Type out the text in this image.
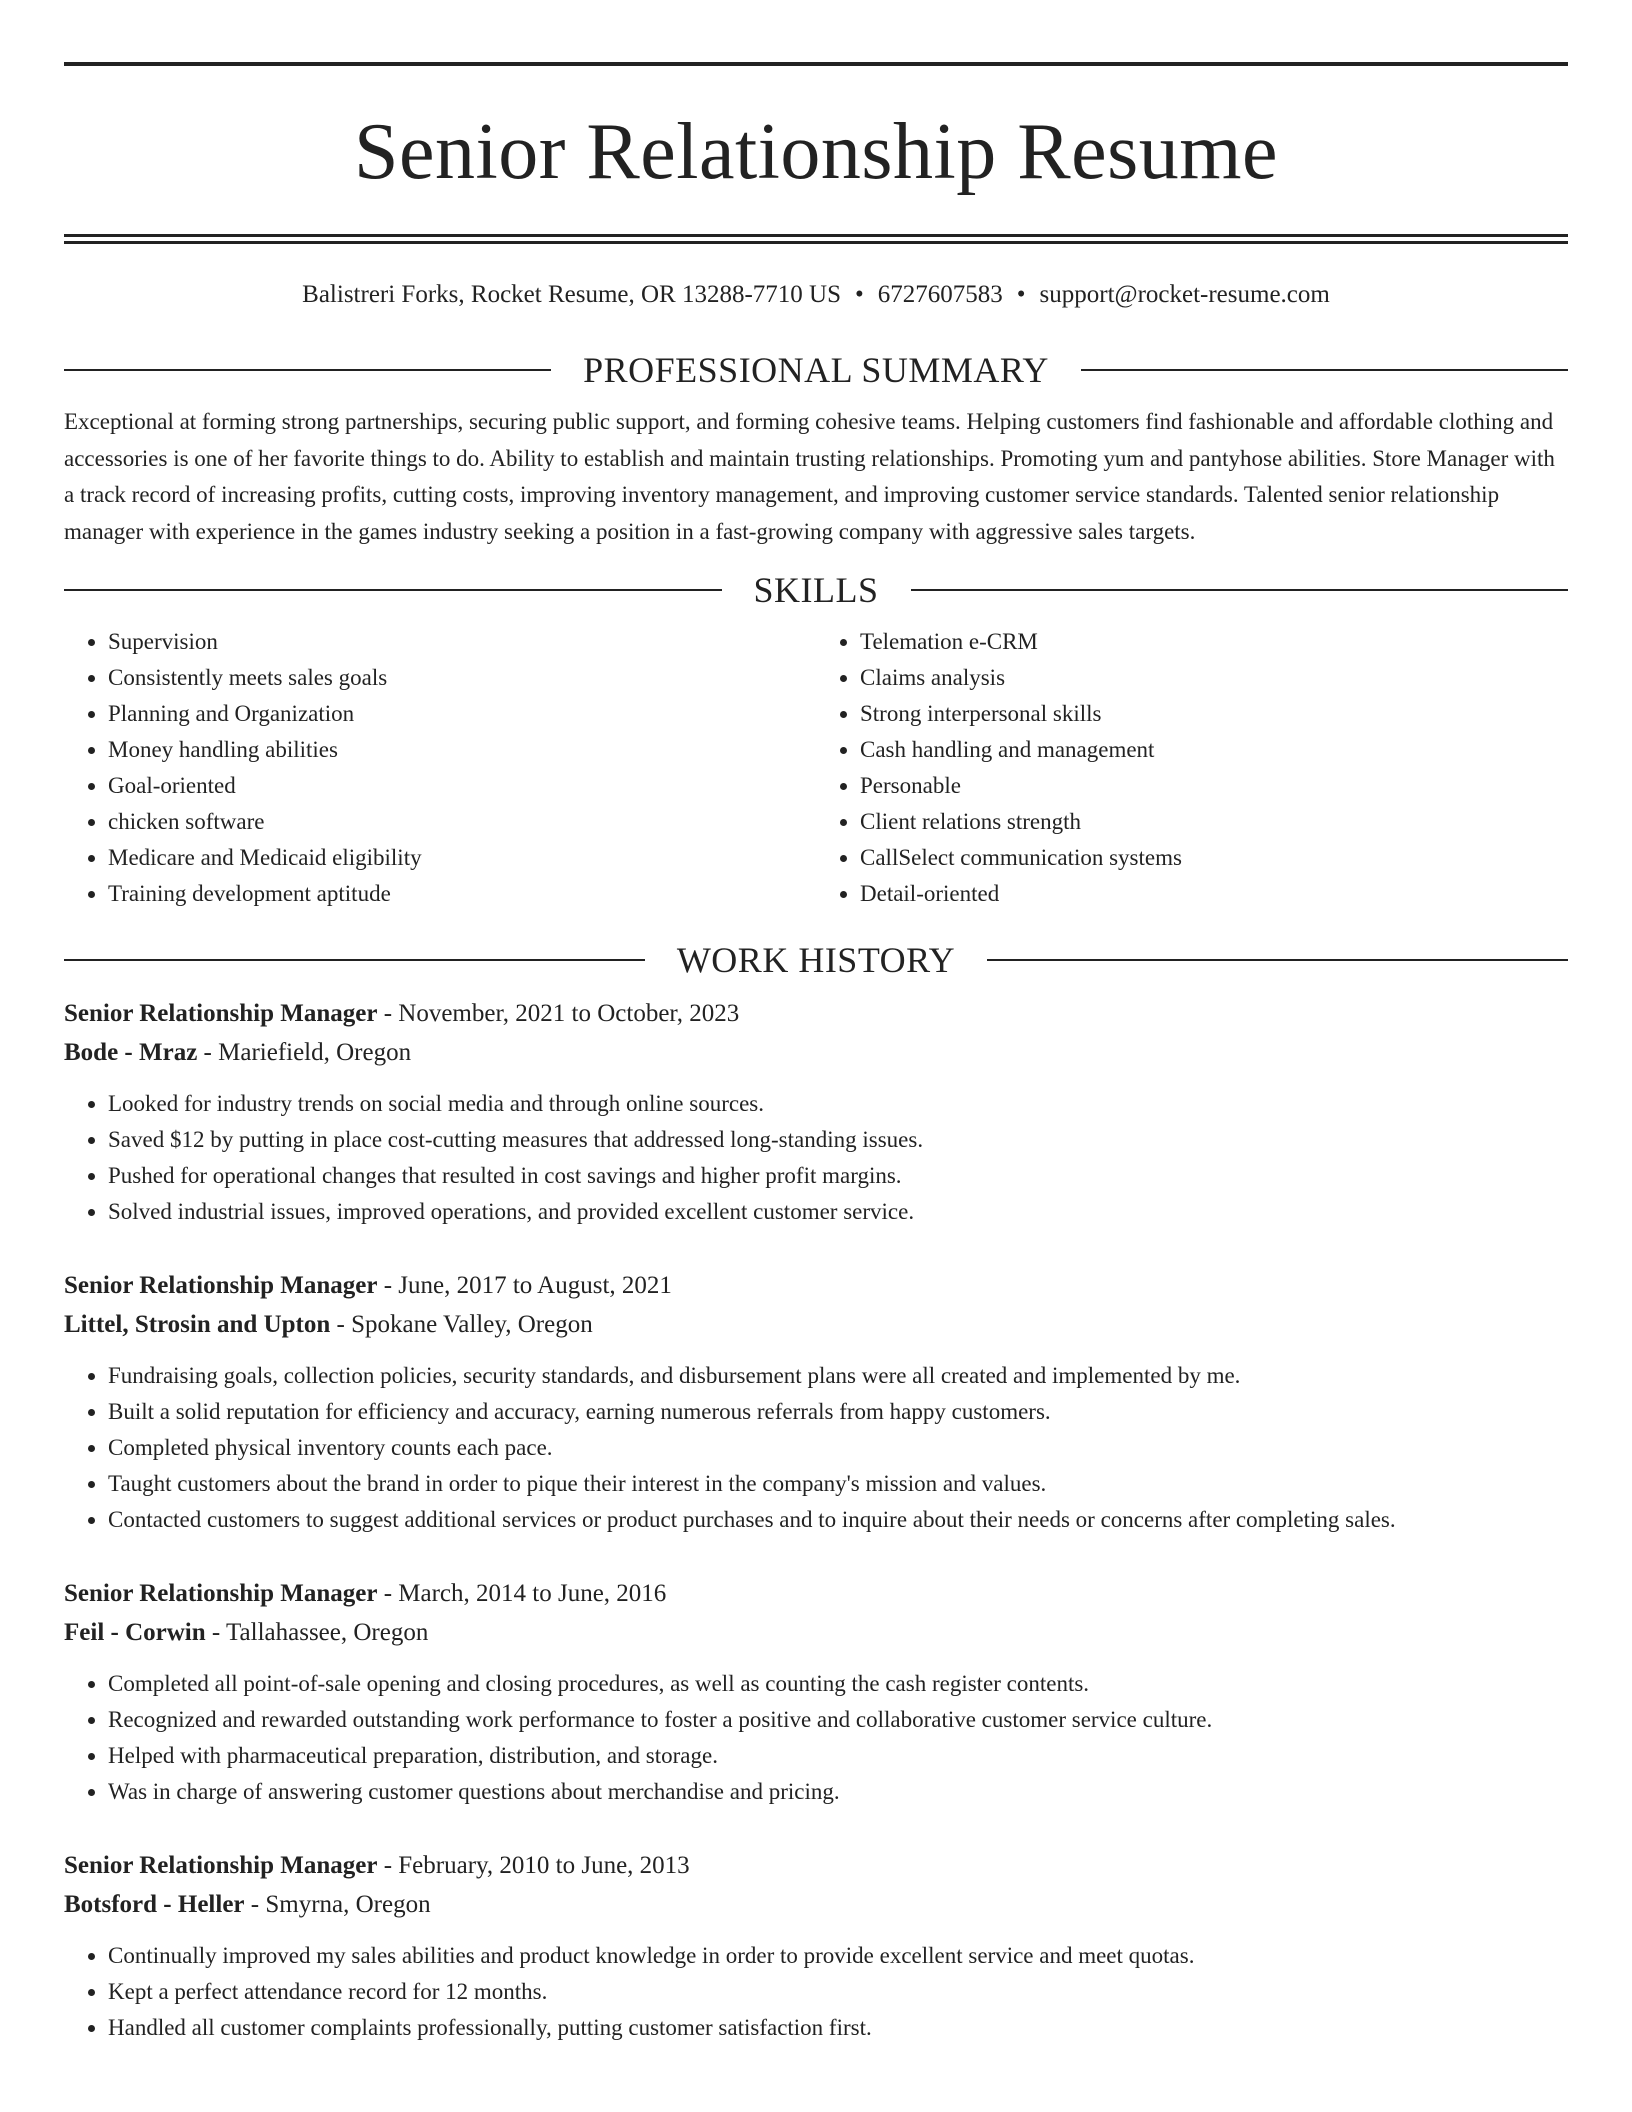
Senior Relationship Resume
Balistreri Forks, Rocket Resume, OR 13288-7710 US • 6727607583 • support@rocket-resume.com
PROFESSIONAL SUMMARY

Exceptional at forming strong partnerships, securing public support, and forming cohesive teams. Helping customers find fashionable and affordable clothing and accessories is one of her favorite things to do. Ability to establish and maintain trusting relationships. Promoting yum and pantyhose abilities. Store Manager with a track record of increasing profits, cutting costs, improving inventory management, and improving customer service standards. Talented senior relationship manager with experience in the games industry seeking a position in a fast-growing company with aggressive sales targets.

SKILLS
• Supervision
• Consistently meets sales goals
• Planning and Organization
• Money handling abilities
• Goal-oriented
• chicken software
• Medicare and Medicaid eligibility
• Training development aptitude
• Telemation e-CRM
• Claims analysis
• Strong interpersonal skills
• Cash handling and management
• Personable
• Client relations strength
• CallSelect communication systems
• Detail-oriented
WORK HISTORY
Senior Relationship Manager - November, 2021 to October, 2023
Bode - Mraz - Mariefield, Oregon
• Looked for industry trends on social media and through online sources.
• Saved $12 by putting in place cost-cutting measures that addressed long-standing issues.
• Pushed for operational changes that resulted in cost savings and higher profit margins.
• Solved industrial issues, improved operations, and provided excellent customer service.
Senior Relationship Manager - June, 2017 to August, 2021
Littel, Strosin and Upton - Spokane Valley, Oregon
• Fundraising goals, collection policies, security standards, and disbursement plans were all created and implemented by me.
• Built a solid reputation for efficiency and accuracy, earning numerous referrals from happy customers.
• Completed physical inventory counts each pace.
• Taught customers about the brand in order to pique their interest in the company's mission and values.
• Contacted customers to suggest additional services or product purchases and to inquire about their needs or concerns after completing sales.
Senior Relationship Manager - March, 2014 to June, 2016
Feil - Corwin - Tallahassee, Oregon
• Completed all point-of-sale opening and closing procedures, as well as counting the cash register contents.
• Recognized and rewarded outstanding work performance to foster a positive and collaborative customer service culture.
• Helped with pharmaceutical preparation, distribution, and storage.
• Was in charge of answering customer questions about merchandise and pricing.
Senior Relationship Manager - February, 2010 to June, 2013
Botsford - Heller - Smyrna, Oregon
• Continually improved my sales abilities and product knowledge in order to provide excellent service and meet quotas.
• Kept a perfect attendance record for 12 months.
• Handled all customer complaints professionally, putting customer satisfaction first.
